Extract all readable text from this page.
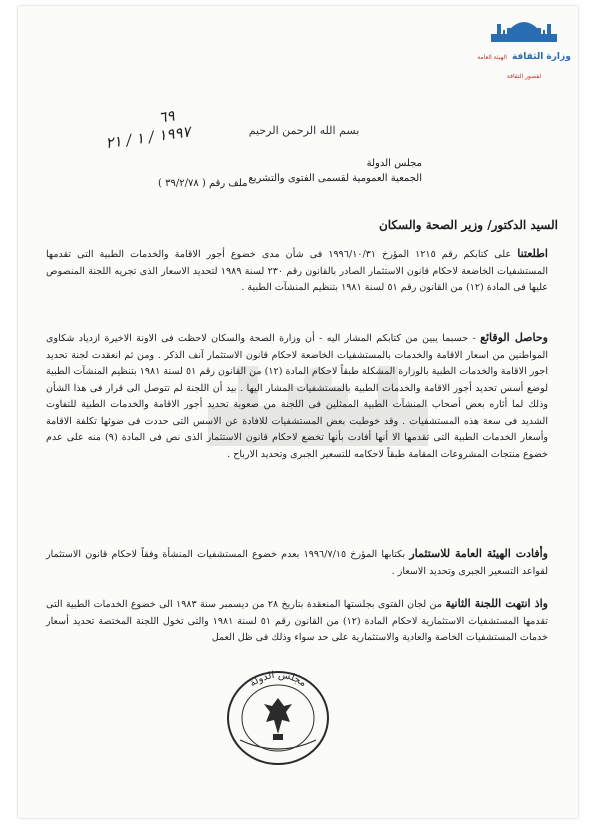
وزارة الثقافة الهيئة العامة لقصور الثقافة
٦٩
١٩٩٧ / ١ / ٢١	بسم الله الرحمن الرحيم
مجلس الدولة
الجمعية العمومية لقسمى الفتوى والتشريع
ملف رقم ( ٣٩/٢/٧٨ )
السيد الدكتور/ وزير الصحة والسكان
اطلعتنا على كتابكم رقم ١٢١٥ المؤرخ ١٩٩٦/١٠/٣١ فى شأن مدى خضوع أجور الاقامة والخدمات الطبية التى تقدمها المستشفيات الخاضعة لاحكام قانون الاستثمار الصادر بالقانون رقم ٢٣٠ لسنة ١٩٨٩ لتحديد الاسعار الذى تجريه اللجنة المنصوص عليها فى المادة (١٢) من القانون رقم ٥١ لسنة ١٩٨١ بتنظيم المنشآت الطبية .
وحاصل الوقائع - حسبما يبين من كتابكم المشار اليه - أن وزارة الصحة والسكان لاحظت فى الاونة الاخيرة ازدياد شكاوى المواطنين من اسعار الاقامة والخدمات بالمستشفيات الخاضعة لاحكام قانون الاستثمار آنف الذكر . ومن ثم انعقدت لجنة تحديد اجور الاقامة والخدمات الطبية بالوزارة المشكلة طبقاً لاحكام المادة (١٢) من القانون رقم ٥١ لسنة ١٩٨١ بتنظيم المنشآت الطبية لوضع أسس تحديد أجور الاقامة والخدمات الطبية بالمستشفيات المشار اليها . بيد أن اللجنة لم تتوصل الى قرار فى هذا الشأن وذلك لما أثاره بعض أصحاب المنشآت الطبية الممثلين فى اللجنة من صعوبة تحديد أجور الاقامة والخدمات الطبية للتفاوت الشديد فى سعة هذه المستشفيات . وقد خوطبت بعض المستشفيات للافادة عن الاسس التى حددت فى ضوئها تكلفة الاقامة وأسعار الخدمات الطبية التى تقدمها الا أنها أفادت بأنها تخضع لاحكام قانون الاستثمار الذى نص فى المادة (٩) منه على عدم خضوع منتجات المشروعات المقامة طبقاً لاحكامه للتسعير الجبرى وتحديد الارباح .
وأفادت الهيئة العامة للاستثمار بكتابها المؤرخ ١٩٩٦/٧/١٥ بعدم خضوع المستشفيات المنشأة وفقاً لاحكام قانون الاستثمار لقواعد التسعير الجبرى وتحديد الاسعار .
واذ انتهت اللجنة الثانية من لجان الفتوى بجلستها المنعقدة بتاريخ ٢٨ من ديسمبر سنة ١٩٨٣ الى خضوع الخدمات الطبية التى تقدمها المستشفيات الاستثمارية لاحكام المادة (١٢) من القانون رقم ٥١ لسنة ١٩٨١ والتى تخول اللجنة المختصة تحديد أسعار خدمات المستشفيات الخاصة والعادية والاستثمارية على حد سواء وذلك فى ظل العمل
مجلس الدولة
